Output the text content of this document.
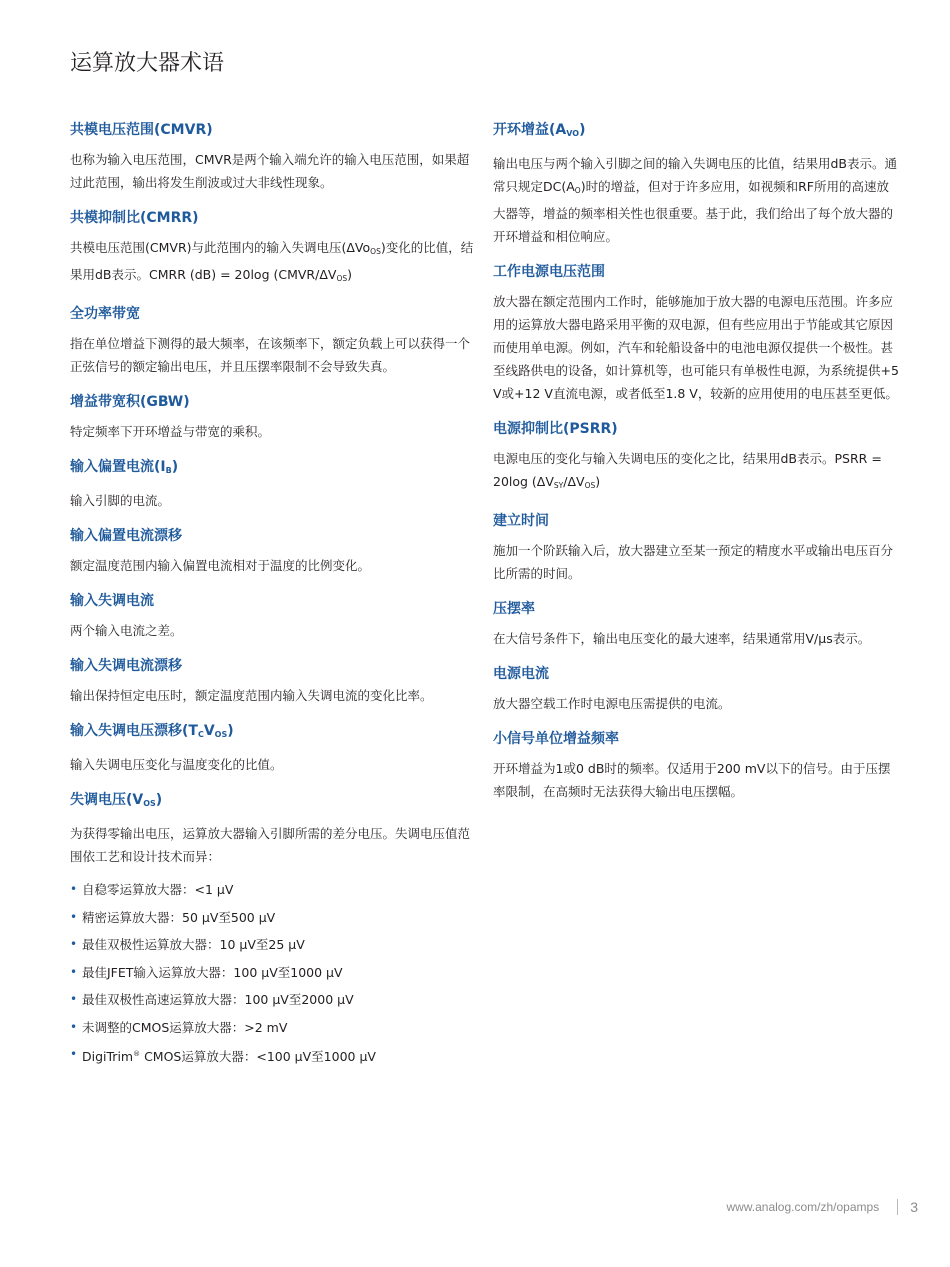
运算放大器术语
共模电压范围(CMVR)

也称为输入电压范围，CMVR是两个输入端允许的输入电压范围，如果超过此范围，输出将发生削波或过大非线性现象。

共模抑制比(CMRR)

共模电压范围(CMVR)与此范围内的输入失调电压(ΔVo$_{OS}$)变化的比值，结果用dB表示。CMRR (dB) = 20log $(CMVR/\Delta V_{OS})$

全功率带宽

指在单位增益下测得的最大频率，在该频率下，额定负载上可以获得一个正弦信号的额定输出电压，并且压摆率限制不会导致失真。

增益带宽积(GBW)

特定频率下开环增益与带宽的乘积。

输入偏置电流$(I_B)$

输入引脚的电流。

输入偏置电流漂移

额定温度范围内输入偏置电流相对于温度的比例变化。

输入失调电流

两个输入电流之差。

输入失调电流漂移

输出保持恒定电压时，额定温度范围内输入失调电流的变化比率。

输入失调电压漂移$(T_CV_{OS})$

输入失调电压变化与温度变化的比值。

失调电压$(V_{OS})$

为获得零输出电压，运算放大器输入引脚所需的差分电压。失调电压值范围依工艺和设计技术而异：

• 自稳零运算放大器：<1 µV
• 精密运算放大器：50 µV至500 µV
• 最佳双极性运算放大器：10 µV至25 µV
• 最佳JFET输入运算放大器：100 µV至1000 µV
• 最佳双极性高速运算放大器：100 µV至2000 µV
• 未调整的CMOS运算放大器：>2 mV
• DigiTrim® CMOS运算放大器：<100 µV至1000 µV
开环增益$(A_{VO})$

输出电压与两个输入引脚之间的输入失调电压的比值，结果用dB表示。通常只规定$DC(A_O)$时的增益，但对于许多应用，如视频和RF所用的高速放大器等，增益的频率相关性也很重要。基于此，我们给出了每个放大器的开环增益和相位响应。

工作电源电压范围

放大器在额定范围内工作时，能够施加于放大器的电源电压范围。许多应用的运算放大器电路采用平衡的双电源，但有些应用出于节能或其它原因而使用单电源。例如，汽车和轮船设备中的电池电源仅提供一个极性。甚至线路供电的设备，如计算机等，也可能只有单极性电源，为系统提供+5 V或+12 V直流电源，或者低至1.8 V，较新的应用使用的电压甚至更低。

电源抑制比(PSRR)

电源电压的变化与输入失调电压的变化之比，结果用dB表示。PSRR = 20log $(\Delta V_{SY}/\Delta V_{OS})$

建立时间

施加一个阶跃输入后，放大器建立至某一预定的精度水平或输出电压百分比所需的时间。

压摆率

在大信号条件下，输出电压变化的最大速率，结果通常用V/µs表示。

电源电流

放大器空载工作时电源电压需提供的电流。

小信号单位增益频率

开环增益为1或0 dB时的频率。仅适用于200 mV以下的信号。由于压摆率限制，在高频时无法获得大输出电压摆幅。

www.analog.com/zh/opamps 3
